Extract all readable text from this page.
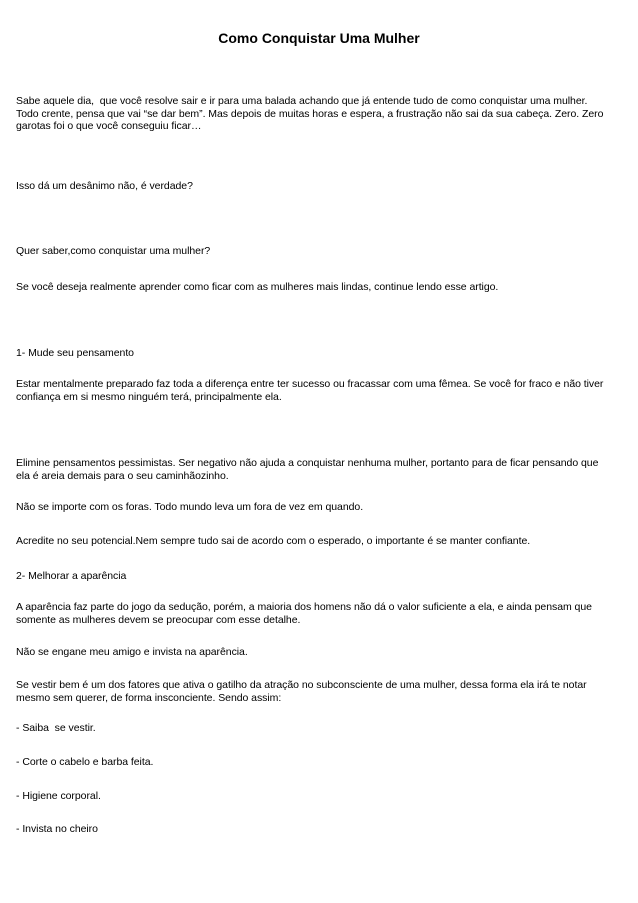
Como Conquistar Uma Mulher

Sabe aquele dia,  que você resolve sair e ir para uma balada achando que já entende tudo de como conquistar uma mulher.
Todo crente, pensa que vai “se dar bem”. Mas depois de muitas horas e espera, a frustração não sai da sua cabeça. Zero. Zero
garotas foi o que você conseguiu ficar…

Isso dá um desânimo não, é verdade?

Quer saber,como conquistar uma mulher?

Se você deseja realmente aprender como ficar com as mulheres mais lindas, continue lendo esse artigo.

1- Mude seu pensamento

Estar mentalmente preparado faz toda a diferença entre ter sucesso ou fracassar com uma fêmea. Se você for fraco e não tiver
confiança em si mesmo ninguém terá, principalmente ela.

Elimine pensamentos pessimistas. Ser negativo não ajuda a conquistar nenhuma mulher, portanto para de ficar pensando que
ela é areia demais para o seu caminhãozinho.

Não se importe com os foras. Todo mundo leva um fora de vez em quando.

Acredite no seu potencial.Nem sempre tudo sai de acordo com o esperado, o importante é se manter confiante.

2- Melhorar a aparência

A aparência faz parte do jogo da sedução, porém, a maioria dos homens não dá o valor suficiente a ela, e ainda pensam que
somente as mulheres devem se preocupar com esse detalhe.

Não se engane meu amigo e invista na aparência.

Se vestir bem é um dos fatores que ativa o gatilho da atração no subconsciente de uma mulher, dessa forma ela irá te notar
mesmo sem querer, de forma insconciente. Sendo assim:

- Saiba  se vestir.

- Corte o cabelo e barba feita.

- Higiene corporal.

- Invista no cheiro
